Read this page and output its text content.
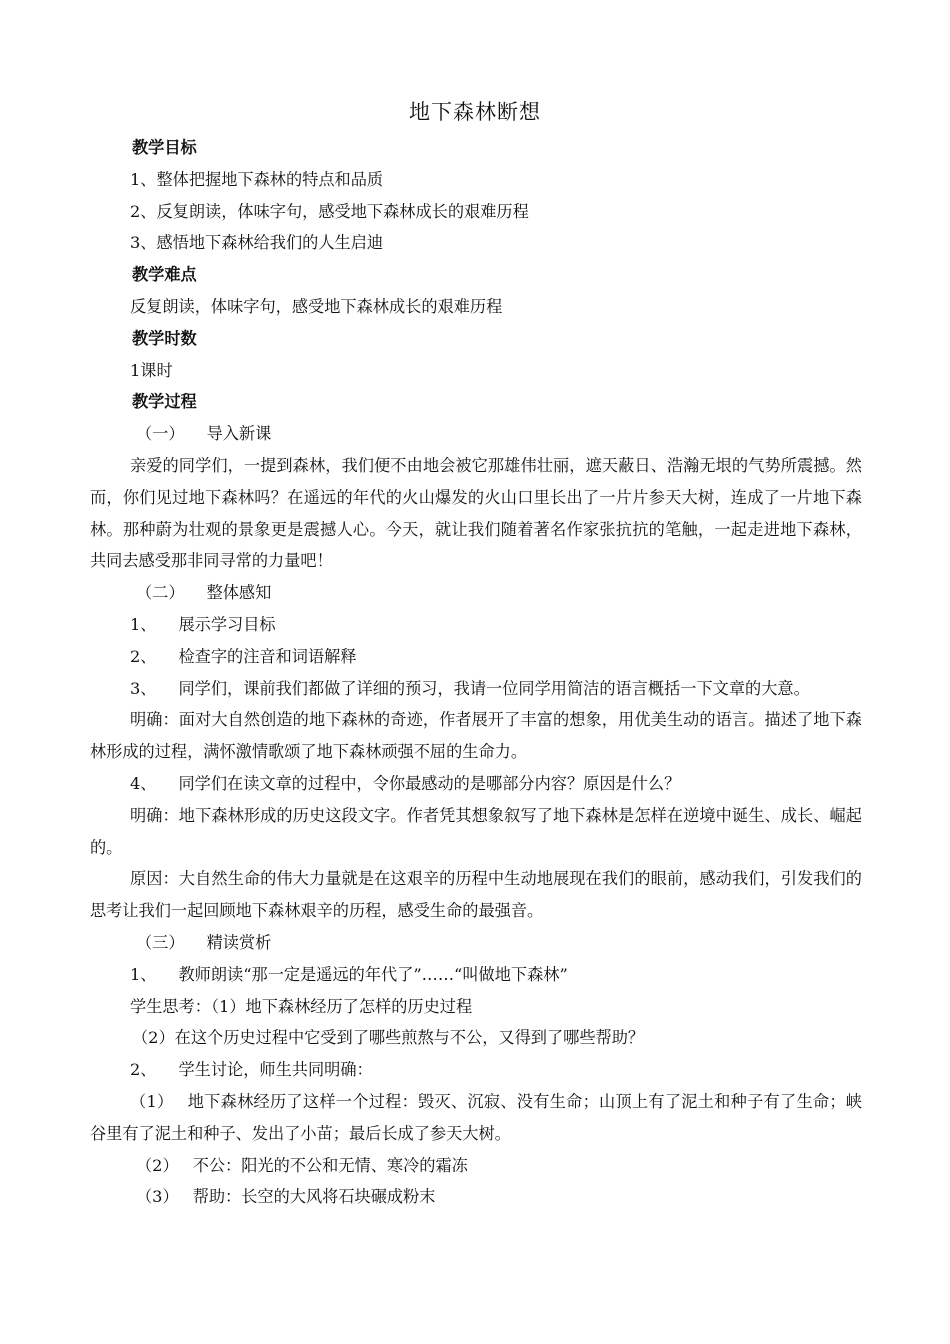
地下森林断想

教学目标

1、整体把握地下森林的特点和品质

2、反复朗读，体味字句，感受地下森林成长的艰难历程

3、感悟地下森林给我们的人生启迪

教学难点

反复朗读，体味字句，感受地下森林成长的艰难历程

教学时数

1课时

教学过程

（一） 导入新课

亲爱的同学们，一提到森林，我们便不由地会被它那雄伟壮丽，遮天蔽日、浩瀚无垠的气势所震撼。然而，你们见过地下森林吗？在遥远的年代的火山爆发的火山口里长出了一片片参天大树，连成了一片地下森林。那种蔚为壮观的景象更是震撼人心。今天，就让我们随着著名作家张抗抗的笔触，一起走进地下森林，共同去感受那非同寻常的力量吧！

（二） 整体感知

1、 展示学习目标

2、 检查字的注音和词语解释

3、 同学们，课前我们都做了详细的预习，我请一位同学用简洁的语言概括一下文章的大意。

明确：面对大自然创造的地下森林的奇迹，作者展开了丰富的想象，用优美生动的语言。描述了地下森林形成的过程，满怀激情歌颂了地下森林顽强不屈的生命力。

4、 同学们在读文章的过程中，令你最感动的是哪部分内容？原因是什么？

明确：地下森林形成的历史这段文字。作者凭其想象叙写了地下森林是怎样在逆境中诞生、成长、崛起的。

原因：大自然生命的伟大力量就是在这艰辛的历程中生动地展现在我们的眼前，感动我们，引发我们的思考让我们一起回顾地下森林艰辛的历程，感受生命的最强音。

（三） 精读赏析

1、 教师朗读“那一定是遥远的年代了”……“叫做地下森林”

学生思考：（1）地下森林经历了怎样的历史过程

（2）在这个历史过程中它受到了哪些煎熬与不公，又得到了哪些帮助？

2、 学生讨论，师生共同明确：

（1） 地下森林经历了这样一个过程：毁灭、沉寂、没有生命；山顶上有了泥土和种子有了生命；峡谷里有了泥土和种子、发出了小苗；最后长成了参天大树。

（2） 不公：阳光的不公和无情、寒冷的霜冻

（3） 帮助：长空的大风将石块碾成粉末
